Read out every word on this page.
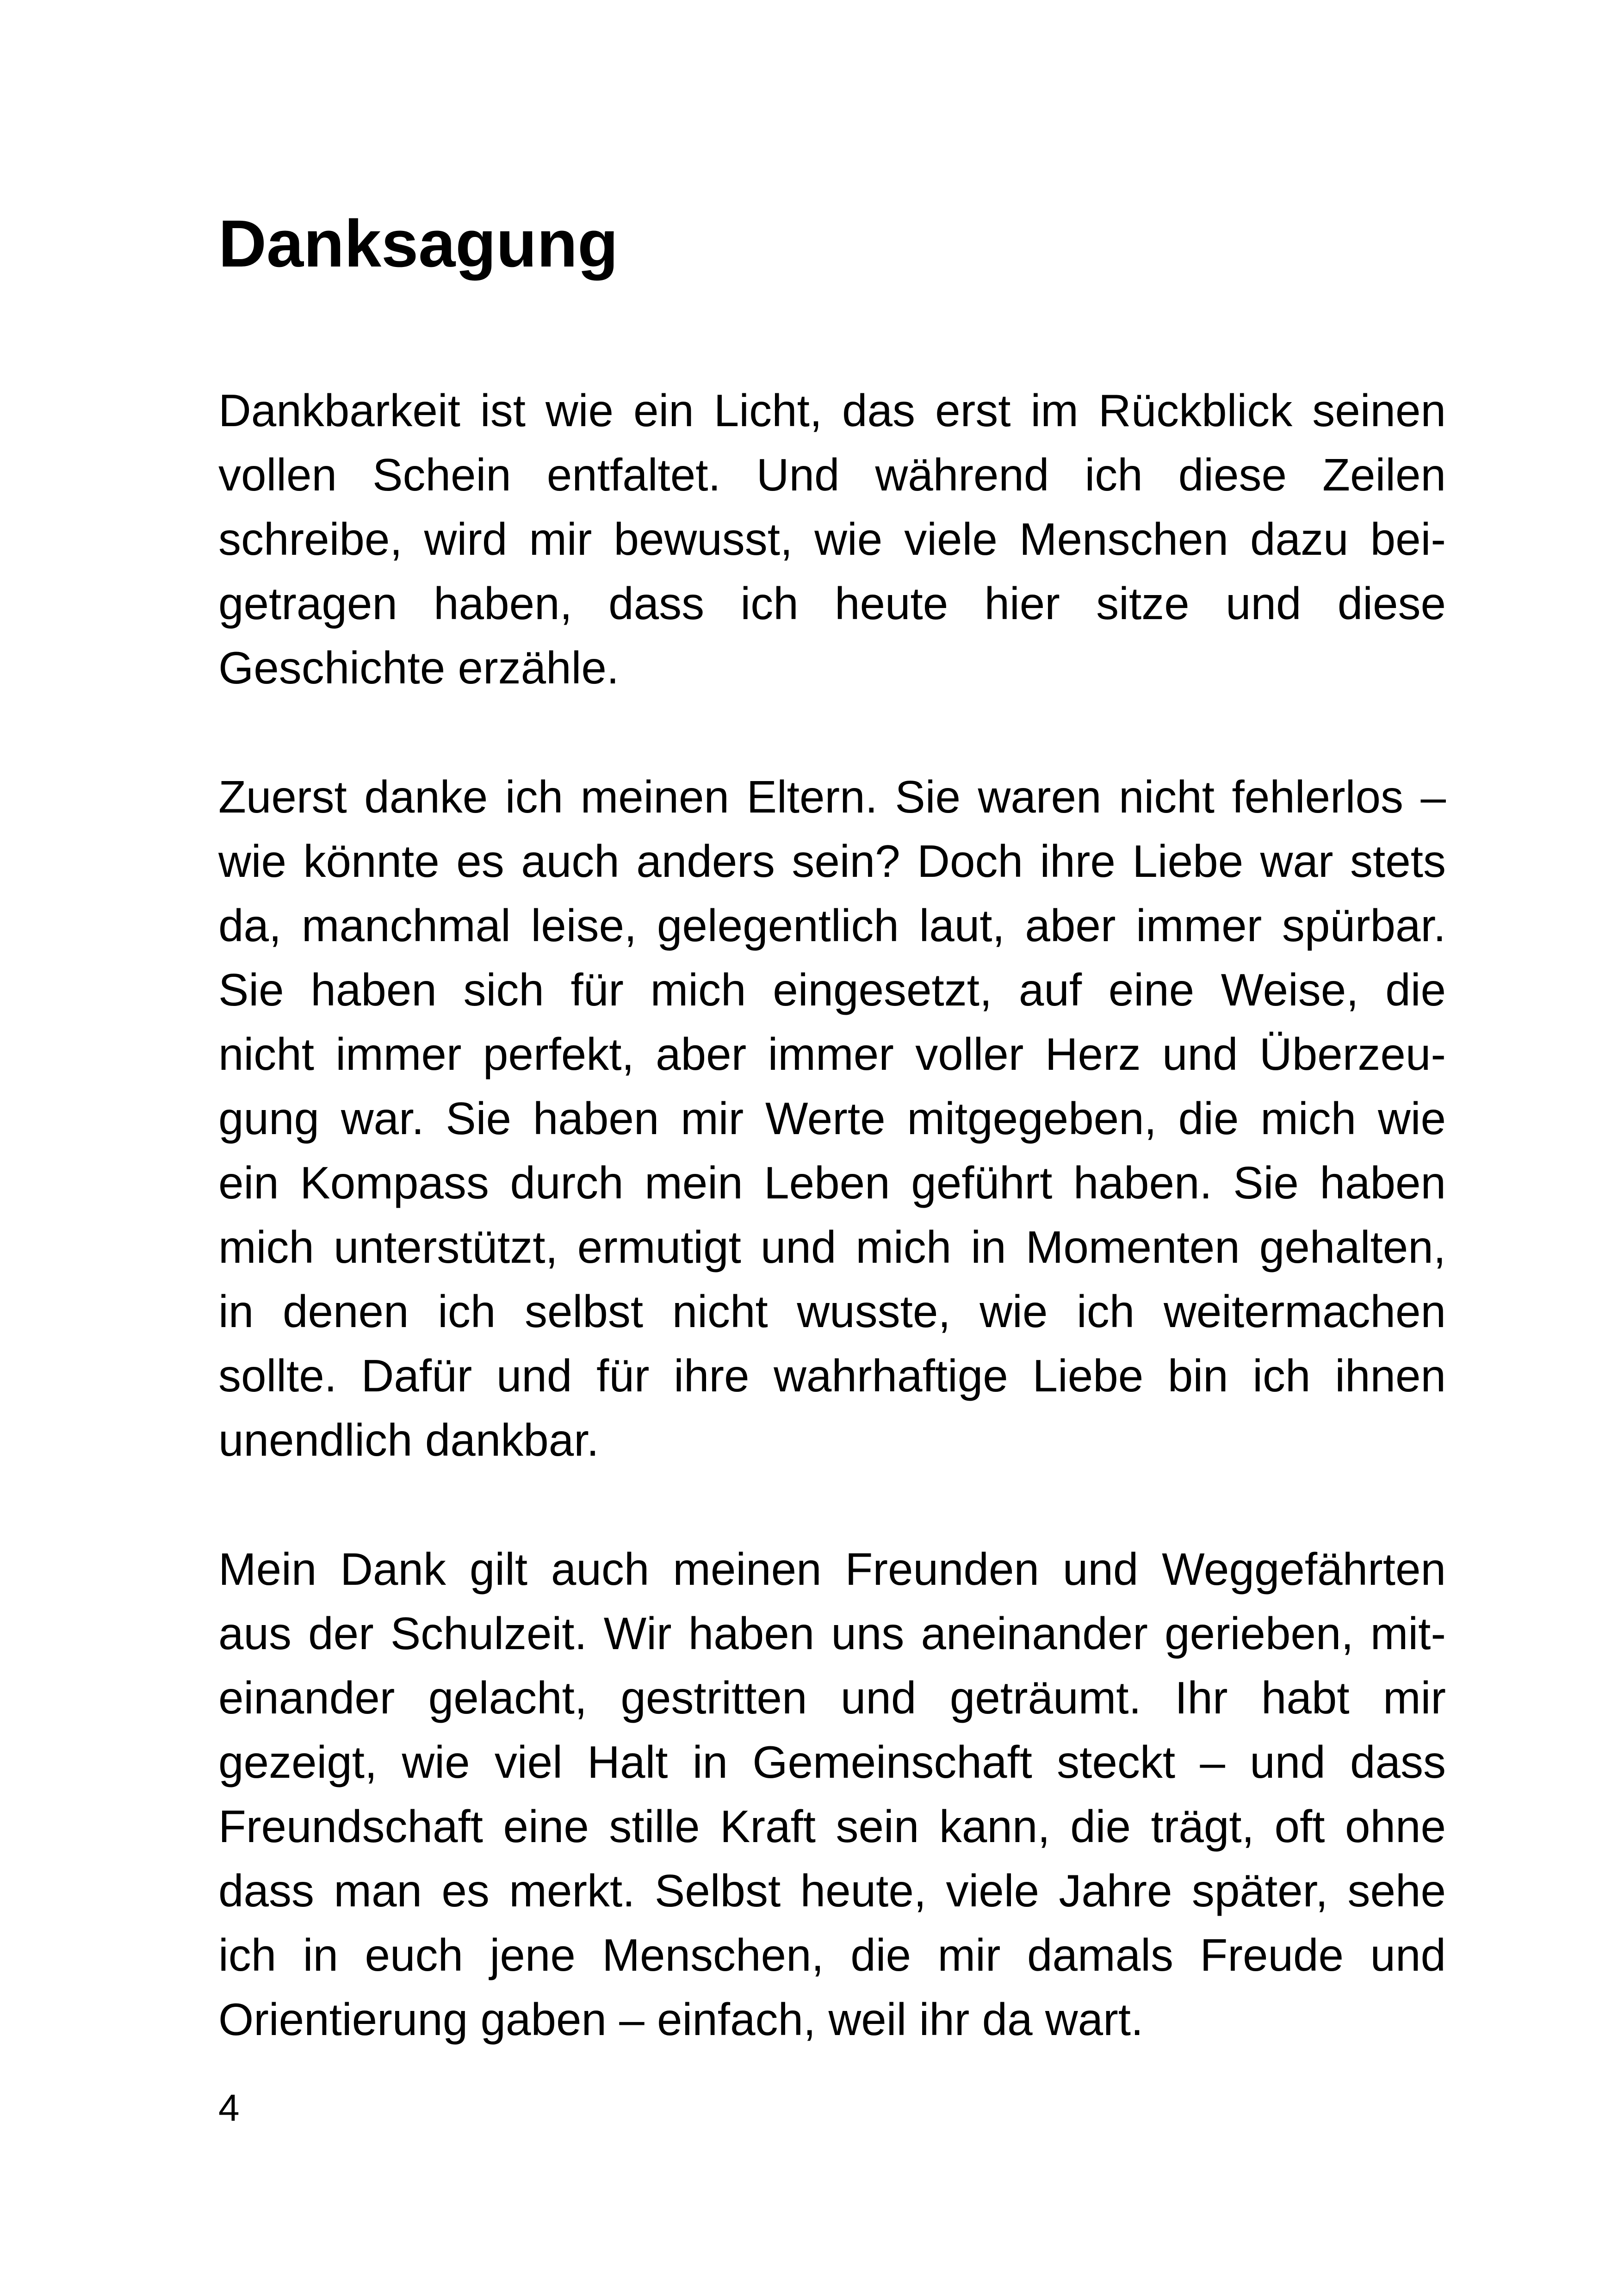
Danksagung
Dankbarkeit ist wie ein Licht, das erst im Rückblick seinen
vollen Schein entfaltet. Und während ich diese Zeilen
schreibe, wird mir bewusst, wie viele Menschen dazu bei-
getragen haben, dass ich heute hier sitze und diese
Geschichte erzähle.
Zuerst danke ich meinen Eltern. Sie waren nicht fehlerlos –
wie könnte es auch anders sein? Doch ihre Liebe war stets
da, manchmal leise, gelegentlich laut, aber immer spürbar.
Sie haben sich für mich eingesetzt, auf eine Weise, die
nicht immer perfekt, aber immer voller Herz und Überzeu-
gung war. Sie haben mir Werte mitgegeben, die mich wie
ein Kompass durch mein Leben geführt haben. Sie haben
mich unterstützt, ermutigt und mich in Momenten gehalten,
in denen ich selbst nicht wusste, wie ich weitermachen
sollte. Dafür und für ihre wahrhaftige Liebe bin ich ihnen
unendlich dankbar.
Mein Dank gilt auch meinen Freunden und Weggefährten
aus der Schulzeit. Wir haben uns aneinander gerieben, mit-
einander gelacht, gestritten und geträumt. Ihr habt mir
gezeigt, wie viel Halt in Gemeinschaft steckt – und dass
Freundschaft eine stille Kraft sein kann, die trägt, oft ohne
dass man es merkt. Selbst heute, viele Jahre später, sehe
ich in euch jene Menschen, die mir damals Freude und
Orientierung gaben – einfach, weil ihr da wart.
4
